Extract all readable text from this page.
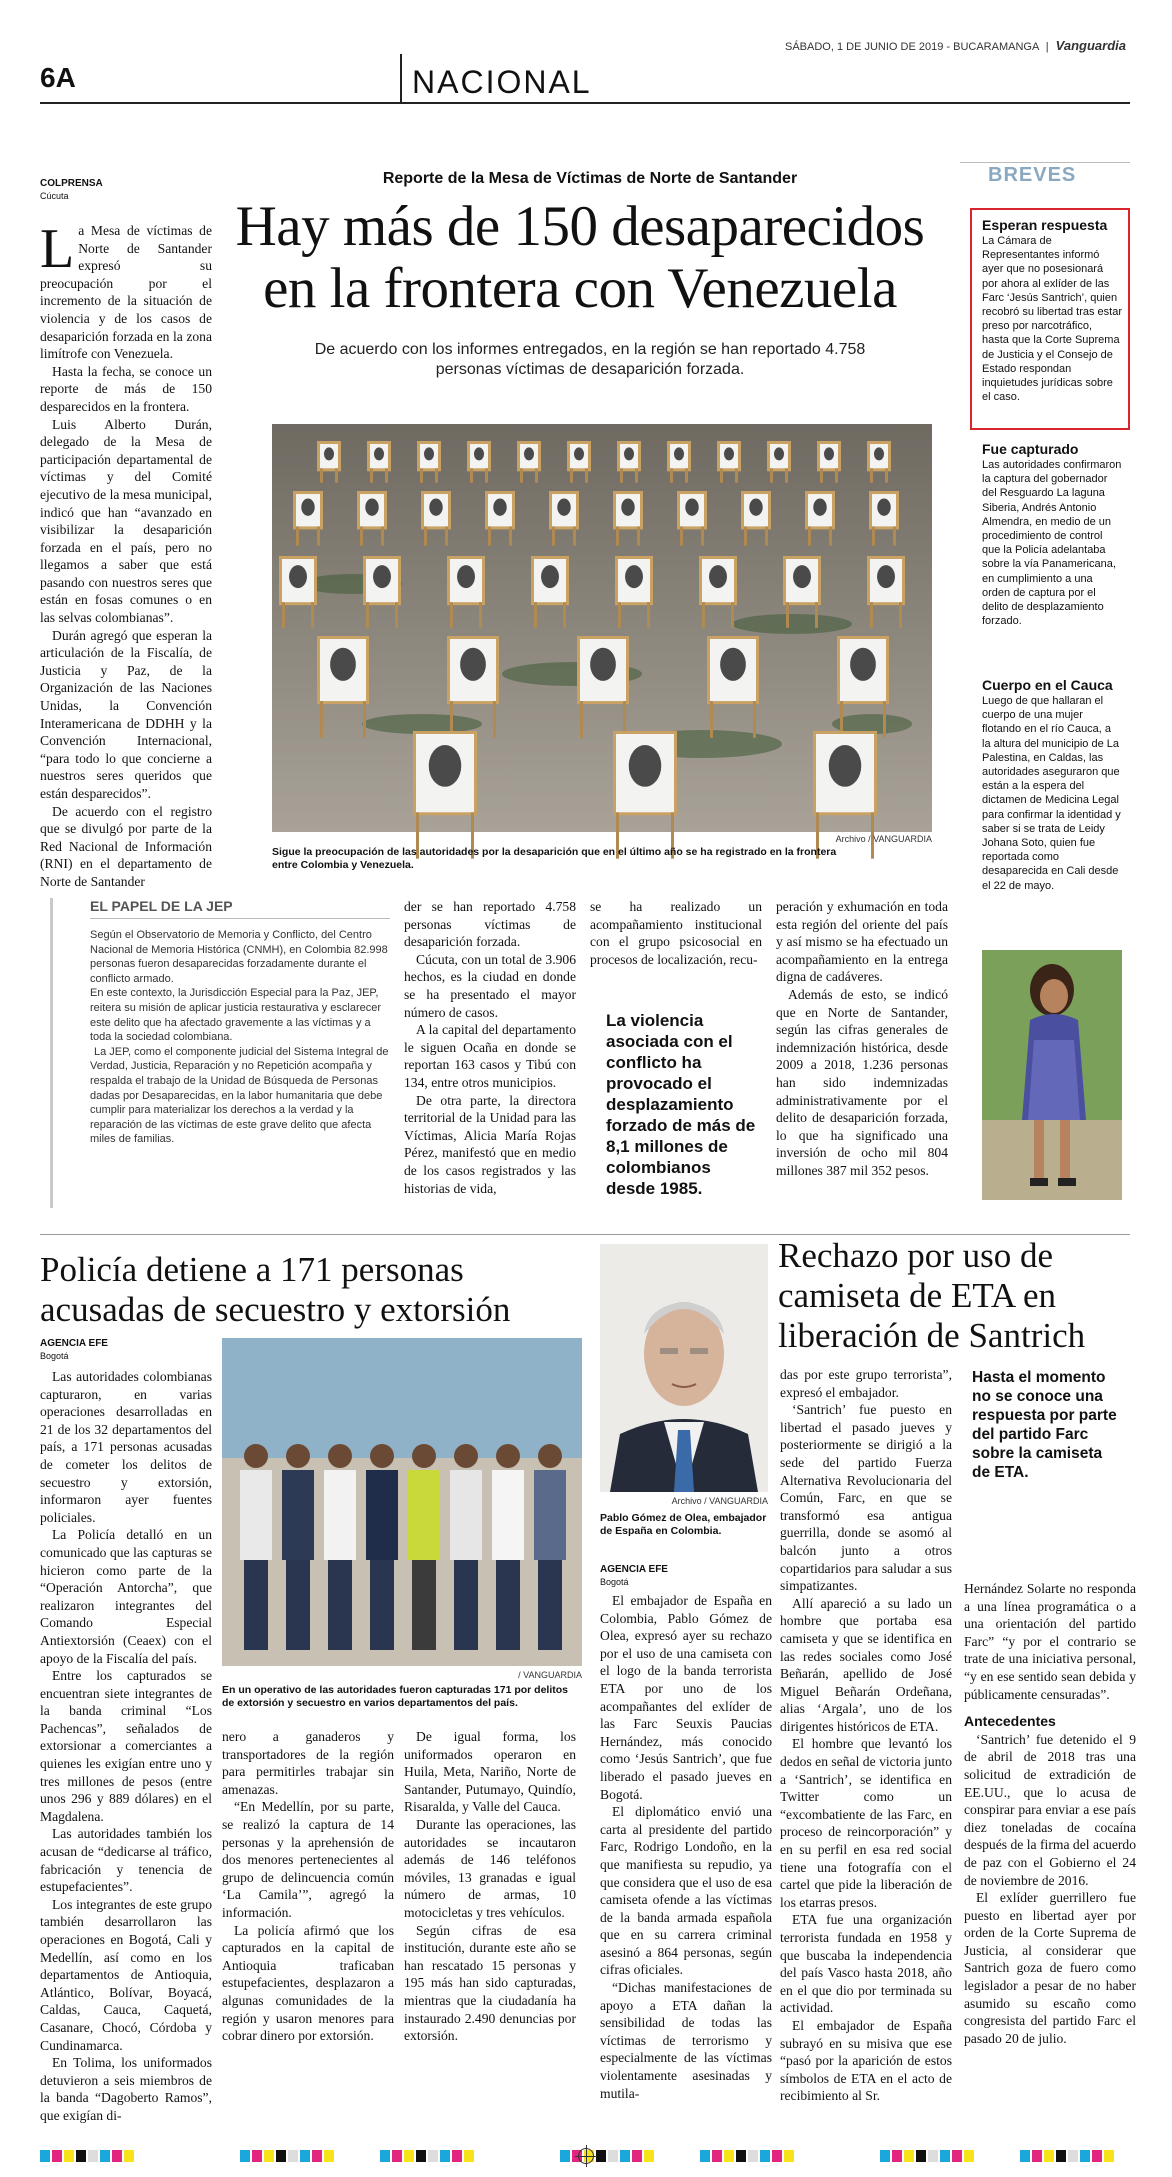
6A	NACIONAL
SÁBADO, 1 DE JUNIO DE 2019 - BUCARAMANGA | Vanguardia
COLPRENSA
Cúcuta
Reporte de la Mesa de Víctimas de Norte de Santander
Hay más de 150 desaparecidos
en la frontera con Venezuela
De acuerdo con los informes entregados, en la región se han reportado 4.758
personas víctimas de desaparición forzada.

La Mesa de víctimas de Norte de Santander expresó su preocupación por el incremento de la situación de violencia y de los casos de desaparición forzada en la zona limítrofe con Venezuela.

Hasta la fecha, se conoce un reporte de más de 150 desparecidos en la frontera.

Luis Alberto Durán, delegado de la Mesa de participación departamental de víctimas y del Comité ejecutivo de la mesa municipal, indicó que han “avanzado en visibilizar la desaparición forzada en el país, pero no llegamos a saber que está pasando con nuestros seres que están en fosas comunes o en las selvas colombianas”.

Durán agregó que esperan la articulación de la Fiscalía, de Justicia y Paz, de la Organización de las Naciones Unidas, la Convención Interamericana de DDHH y la Convención Internacional, “para todo lo que concierne a nuestros seres queridos que están desparecidos”.

De acuerdo con el registro que se divulgó por parte de la Red Nacional de Información (RNI) en el departamento de Norte de Santander

Archivo / VANGUARDIA
Sigue la preocupación de las autoridades por la desaparición que en el último año se ha registrado en la frontera entre Colombia y Venezuela.
EL PAPEL DE LA JEP

Según el Observatorio de Memoria y Conflicto, del Centro Nacional de Memoria Histórica (CNMH), en Colombia 82.998 personas fueron desaparecidas forzadamente durante el conflicto armado.

En este contexto, la Jurisdicción Especial para la Paz, JEP, reitera su misión de aplicar justicia restaurativa y esclarecer este delito que ha afectado gravemente a las víctimas y a toda la sociedad colombiana.

La JEP, como el componente judicial del Sistema Integral de Verdad, Justicia, Reparación y no Repetición acompaña y respalda el trabajo de la Unidad de Búsqueda de Personas dadas por Desaparecidas, en la labor humanitaria que debe cumplir para materializar los derechos a la verdad y la reparación de las víctimas de este grave delito que afecta miles de familias.

der se han reportado 4.758 personas víctimas de desaparición forzada.

Cúcuta, con un total de 3.906 hechos, es la ciudad en donde se ha presentado el mayor número de casos.

A la capital del departamento le siguen Ocaña en donde se reportan 163 casos y Tibú con 134, entre otros municipios.

De otra parte, la directora territorial de la Unidad para las Víctimas, Alicia María Rojas Pérez, manifestó que en medio de los casos registrados y las historias de vida,

se ha realizado un acompañamiento institucional con el grupo psicosocial en procesos de localización, recu-

La violencia asociada con el conflicto ha provocado el desplazamiento forzado de más de 8,1 millones de colombianos desde 1985.

peración y exhumación en toda esta región del oriente del país y así mismo se ha efectuado un acompañamiento en la entrega digna de cadáveres.

Además de esto, se indicó que en Norte de Santander, según las cifras generales de indemnización histórica, desde 2009 a 2018, 1.236 personas han sido indemnizadas administrativamente por el delito de desaparición forzada, lo que ha significado una inversión de ocho mil 804 millones 387 mil 352 pesos.

BREVES
Esperan respuesta
La Cámara de Representantes informó ayer que no posesionará por ahora al exlíder de las Farc ‘Jesús Santrich’, quien recobró su libertad tras estar preso por narcotráfico, hasta que la Corte Suprema de Justicia y el Consejo de Estado respondan inquietudes jurídicas sobre el caso.
Fue capturado
Las autoridades confirmaron la captura del gobernador del Resguardo La laguna Siberia, Andrés Antonio Almendra, en medio de un procedimiento de control que la Policía adelantaba sobre la vía Panamericana, en cumplimiento a una orden de captura por el delito de desplazamiento forzado.
Cuerpo en el Cauca
Luego de que hallaran el cuerpo de una mujer flotando en el río Cauca, a la altura del municipio de La Palestina, en Caldas, las autoridades aseguraron que están a la espera del dictamen de Medicina Legal para confirmar la identidad y saber si se trata de Leidy Johana Soto, quien fue reportada como desaparecida en Cali desde el 22 de mayo.
Policía detiene a 171 personas
acusadas de secuestro y extorsión
AGENCIA EFE
Bogotá

Las autoridades colombianas capturaron, en varias operaciones desarrolladas en 21 de los 32 departamentos del país, a 171 personas acusadas de cometer los delitos de secuestro y extorsión, informaron ayer fuentes policiales.

La Policía detalló en un comunicado que las capturas se hicieron como parte de la “Operación Antorcha”, que realizaron integrantes del Comando Especial Antiextorsión (Ceaex) con el apoyo de la Fiscalía del país.

Entre los capturados se encuentran siete integrantes de la banda criminal “Los Pachencas”, señalados de extorsionar a comerciantes a quienes les exigían entre uno y tres millones de pesos (entre unos 296 y 889 dólares) en el Magdalena.

Las autoridades también los acusan de “dedicarse al tráfico, fabricación y tenencia de estupefacientes”.

Los integrantes de este grupo también desarrollaron las operaciones en Bogotá, Cali y Medellín, así como en los departamentos de Antioquia, Atlántico, Bolívar, Boyacá, Caldas, Cauca, Caquetá, Casanare, Chocó, Córdoba y Cundinamarca.

En Tolima, los uniformados detuvieron a seis miembros de la banda “Dagoberto Ramos”, que exigían di-

/ VANGUARDIA
En un operativo de las autoridades fueron capturadas 171 por delitos de extorsión y secuestro en varios departamentos del país.

nero a ganaderos y transportadores de la región para permitirles trabajar sin amenazas.

“En Medellín, por su parte, se realizó la captura de 14 personas y la aprehensión de dos menores pertenecientes al grupo de delincuencia común ‘La Camila’”, agregó la información.

La policía afirmó que los capturados en la capital de Antioquia traficaban estupefacientes, desplazaron a algunas comunidades de la región y usaron menores para cobrar dinero por extorsión.

De igual forma, los uniformados operaron en Huila, Meta, Nariño, Norte de Santander, Putumayo, Quindío, Risaralda, y Valle del Cauca.

Durante las operaciones, las autoridades se incautaron además de 146 teléfonos móviles, 13 granadas e igual número de armas, 10 motocicletas y tres vehículos.

Según cifras de esa institución, durante este año se han rescatado 15 personas y 195 más han sido capturadas, mientras que la ciudadanía ha instaurado 2.490 denuncias por extorsión.

Archivo / VANGUARDIA
Pablo Gómez de Olea, embajador de España en Colombia.
Rechazo por uso de camiseta de ETA en liberación de Santrich
AGENCIA EFE
Bogotá

El embajador de España en Colombia, Pablo Gómez de Olea, expresó ayer su rechazo por el uso de una camiseta con el logo de la banda terrorista ETA por uno de los acompañantes del exlíder de las Farc Seuxis Paucias Hernández, más conocido como ‘Jesús Santrich’, que fue liberado el pasado jueves en Bogotá.

El diplomático envió una carta al presidente del partido Farc, Rodrigo Londoño, en la que manifiesta su repudio, ya que considera que el uso de esa camiseta ofende a las víctimas de la banda armada española que en su carrera criminal asesinó a 864 personas, según cifras oficiales.

“Dichas manifestaciones de apoyo a ETA dañan la sensibilidad de todas las víctimas de terrorismo y especialmente de las víctimas violentamente asesinadas y mutila-

das por este grupo terrorista”, expresó el embajador.

‘Santrich’ fue puesto en libertad el pasado jueves y posteriormente se dirigió a la sede del partido Fuerza Alternativa Revolucionaria del Común, Farc, en que se transformó esa antigua guerrilla, donde se asomó al balcón junto a otros copartidarios para saludar a sus simpatizantes.

Allí apareció a su lado un hombre que portaba esa camiseta y que se identifica en las redes sociales como José Beñarán, apellido de José Miguel Beñarán Ordeñana, alias ‘Argala’, uno de los dirigentes históricos de ETA.

El hombre que levantó los dedos en señal de victoria junto a ‘Santrich’, se identifica en Twitter como un “excombatiente de las Farc, en proceso de reincorporación” y en su perfil en esa red social tiene una fotografía con el cartel que pide la liberación de los etarras presos.

ETA fue una organización terrorista fundada en 1958 y que buscaba la independencia del país Vasco hasta 2018, año en el que dio por terminada su actividad.

El embajador de España subrayó en su misiva que ese “pasó por la aparición de estos símbolos de ETA en el acto de recibimiento al Sr.

Hasta el momento no se conoce una respuesta por parte del partido Farc sobre la camiseta de ETA.

Hernández Solarte no responda a una línea programática o a una orientación del partido Farc” “y por el contrario se trate de una iniciativa personal, “y en ese sentido sean debida y públicamente censuradas”.

Antecedentes

‘Santrich’ fue detenido el 9 de abril de 2018 tras una solicitud de extradición de EE.UU., que lo acusa de conspirar para enviar a ese país diez toneladas de cocaína después de la firma del acuerdo de paz con el Gobierno el 24 de noviembre de 2016.

El exlíder guerrillero fue puesto en libertad ayer por orden de la Corte Suprema de Justicia, al considerar que Santrich goza de fuero como legislador a pesar de no haber asumido su escaño como congresista del partido Farc el pasado 20 de julio.
